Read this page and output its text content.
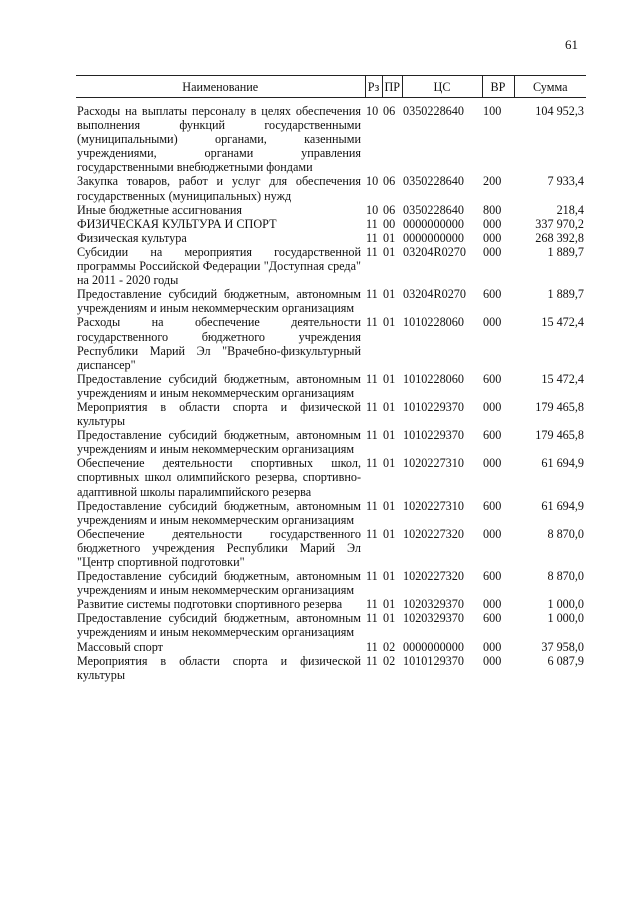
61
Наименование	Рз	ПР	ЦС	ВР	Сумма
Расходы на выплаты персоналу в целях обеспечения выполнения функций государственными (муниципальными) органами, казенными учреждениями, органами управления государственными внебюджетными фондами	10	06	0350228640	100	104 952,3
Закупка товаров, работ и услуг для обеспечения государственных (муниципальных) нужд	10	06	0350228640	200	7 933,4
Иные бюджетные ассигнования	10	06	0350228640	800	218,4
ФИЗИЧЕСКАЯ КУЛЬТУРА И СПОРТ	11	00	0000000000	000	337 970,2
Физическая культура	11	01	0000000000	000	268 392,8
Субсидии на мероприятия государственной программы Российской Федерации "Доступная среда" на 2011 - 2020 годы	11	01	03204R0270	000	1 889,7
Предоставление субсидий бюджетным, автономным учреждениям и иным некоммерческим организациям	11	01	03204R0270	600	1 889,7
Расходы на обеспечение деятельности государственного бюджетного учреждения Республики Марий Эл "Врачебно-физкультурный диспансер"	11	01	1010228060	000	15 472,4
Предоставление субсидий бюджетным, автономным учреждениям и иным некоммерческим организациям	11	01	1010228060	600	15 472,4
Мероприятия в области спорта и физической культуры	11	01	1010229370	000	179 465,8
Предоставление субсидий бюджетным, автономным учреждениям и иным некоммерческим организациям	11	01	1010229370	600	179 465,8
Обеспечение деятельности спортивных школ, спортивных школ олимпийского резерва, спортивно-адаптивной школы паралимпийского резерва	11	01	1020227310	000	61 694,9
Предоставление субсидий бюджетным, автономным учреждениям и иным некоммерческим организациям	11	01	1020227310	600	61 694,9
Обеспечение деятельности государственного бюджетного учреждения Республики Марий Эл "Центр спортивной подготовки"	11	01	1020227320	000	8 870,0
Предоставление субсидий бюджетным, автономным учреждениям и иным некоммерческим организациям	11	01	1020227320	600	8 870,0
Развитие системы подготовки спортивного резерва	11	01	1020329370	000	1 000,0
Предоставление субсидий бюджетным, автономным учреждениям и иным некоммерческим организациям	11	01	1020329370	600	1 000,0
Массовый спорт	11	02	0000000000	000	37 958,0
Мероприятия в области спорта и физической культуры	11	02	1010129370	000	6 087,9
